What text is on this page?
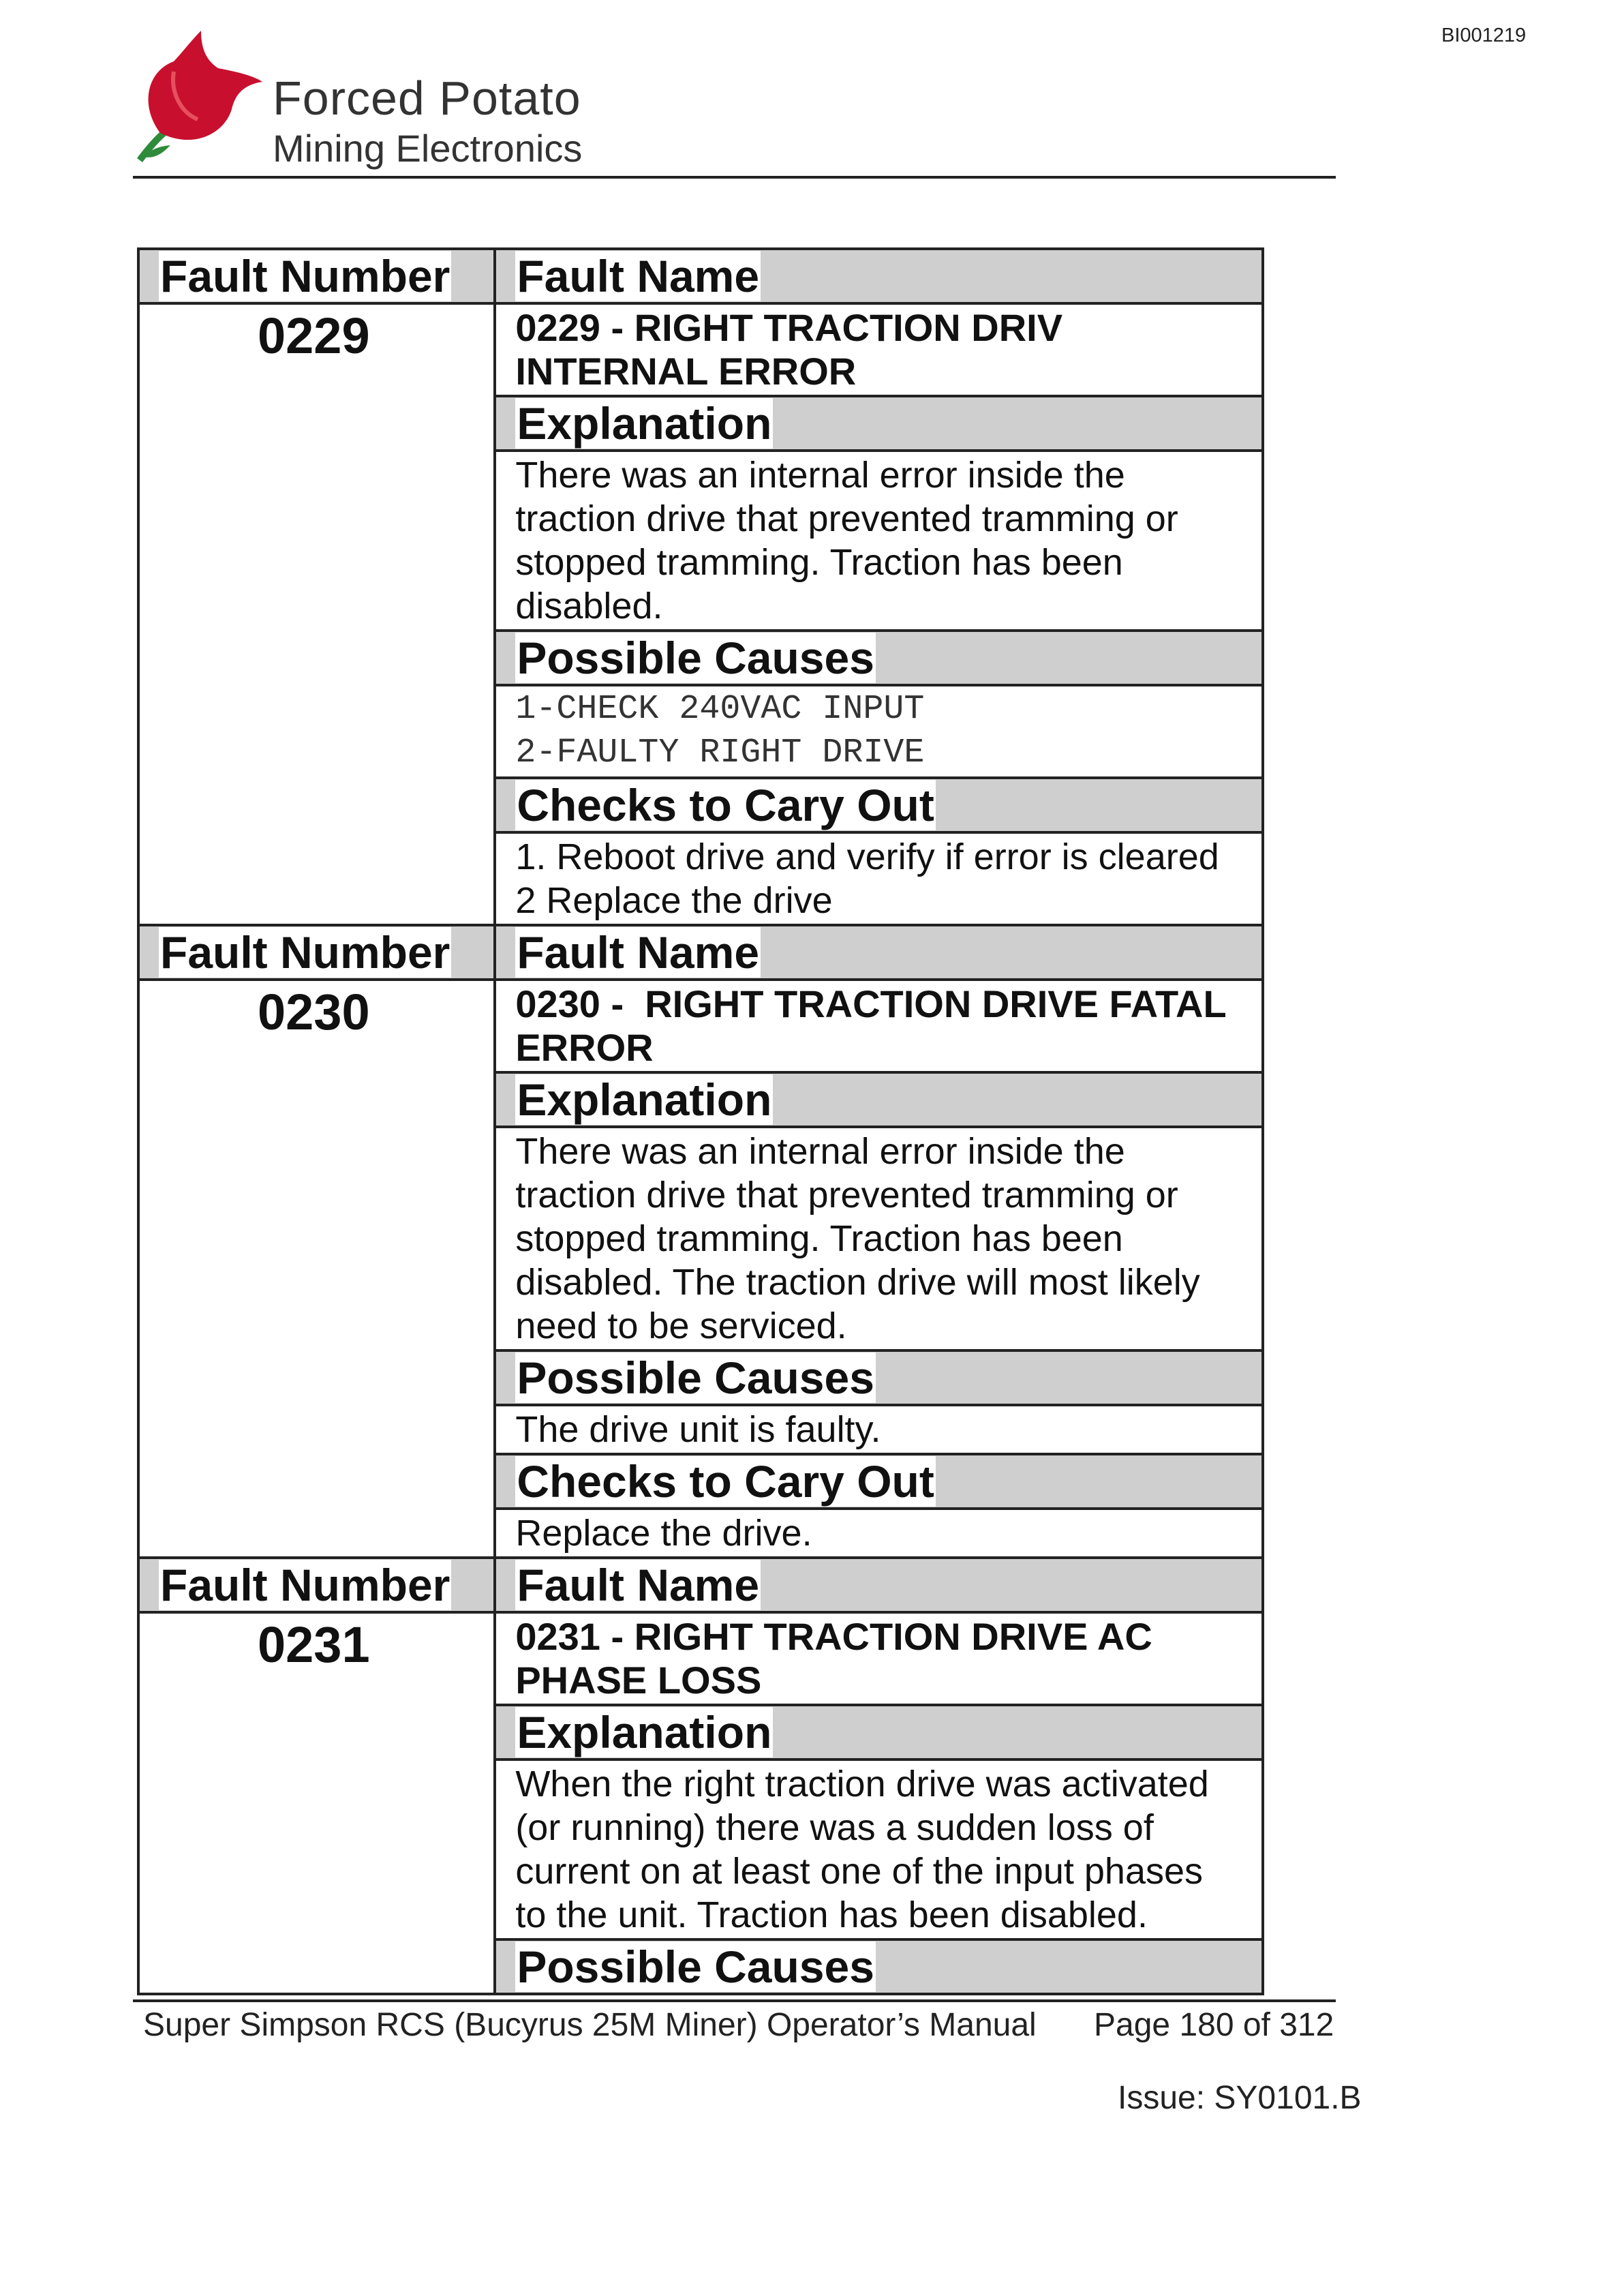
BI001219
Forced Potato
Mining Electronics
Fault Number	Fault Name

0229	0229 - RIGHT TRACTION DRIV
INTERNAL ERROR

	Explanation

	There was an internal error inside the
traction drive that prevented tramming or
stopped tramming. Traction has been
disabled.

	Possible Causes

	1-CHECK 240VAC INPUT
2-FAULTY RIGHT DRIVE

	Checks to Cary Out

	1. Reboot drive and verify if error is cleared
2 Replace the drive

Fault Number	Fault Name

0230	0230 -  RIGHT TRACTION DRIVE FATAL
ERROR

	Explanation

	There was an internal error inside the
traction drive that prevented tramming or
stopped tramming. Traction has been
disabled. The traction drive will most likely
need to be serviced.

	Possible Causes

	The drive unit is faulty.

	Checks to Cary Out

	Replace the drive.

Fault Number	Fault Name

0231	0231 - RIGHT TRACTION DRIVE AC
PHASE LOSS

	Explanation

	When the right traction drive was activated
(or running) there was a sudden loss of
current on at least one of the input phases
to the unit. Traction has been disabled.

	Possible Causes
Super Simpson RCS (Bucyrus 25M Miner) Operator’s Manual Page 180 of 312
Issue: SY0101.B
